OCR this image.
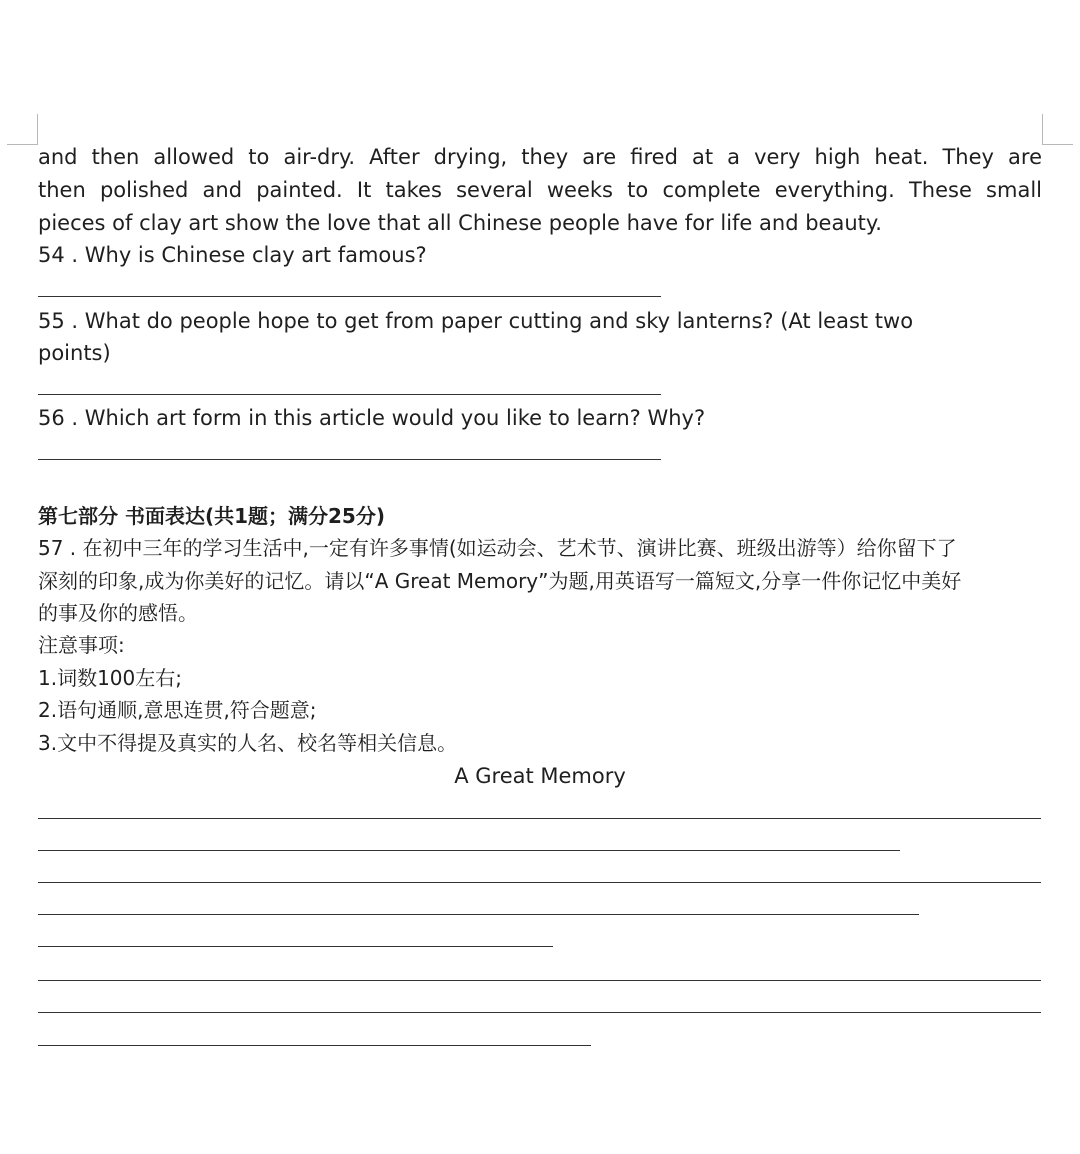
and then allowed to air-dry. After drying, they are fired at a very high heat. They are
then polished and painted. It takes several weeks to complete everything. These small
pieces of clay art show the love that all Chinese people have for life and beauty.
54 . Why is Chinese clay art famous?
55 . What do people hope to get from paper cutting and sky lanterns? (At least two
points)
56 . Which art form in this article would you like to learn? Why?
第七部分 书面表达(共1题；满分25分)
57 . 在初中三年的学习生活中,一定有许多事情(如运动会、艺术节、演讲比赛、班级出游等）给你留下了
深刻的印象,成为你美好的记忆。请以“A Great Memory”为题,用英语写一篇短文,分享一件你记忆中美好
的事及你的感悟。
注意事项:
1.词数100左右;
2.语句通顺,意思连贯,符合题意;
3.文中不得提及真实的人名、校名等相关信息。
A Great Memory
